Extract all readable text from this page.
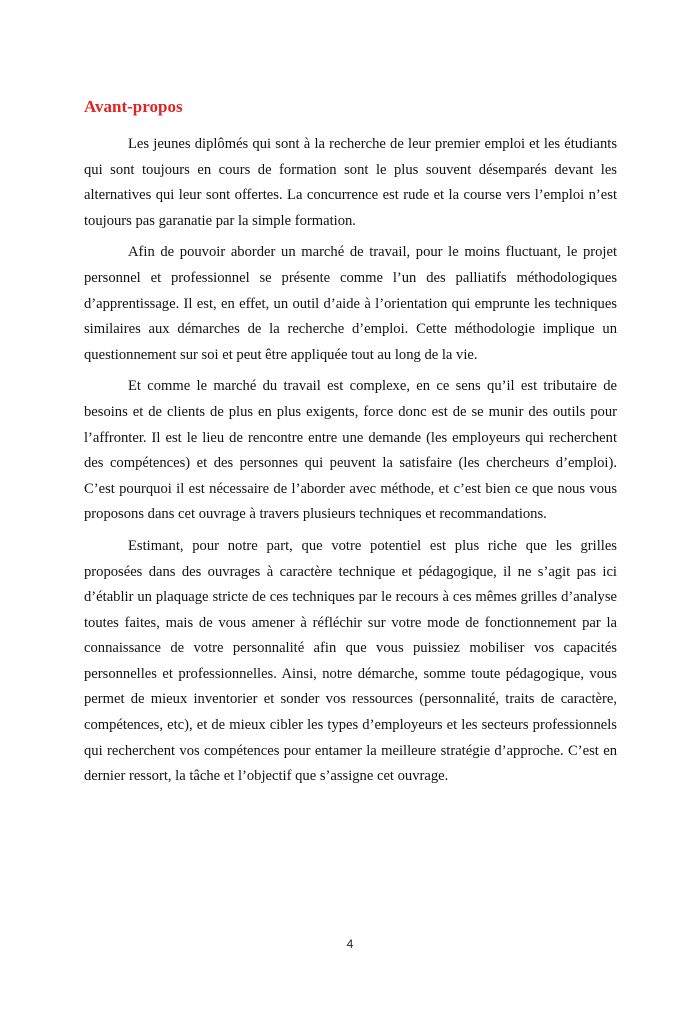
Avant-propos

Les jeunes diplômés qui sont à la recherche de leur premier emploi et les étudiants qui sont toujours en cours de formation sont le plus souvent désemparés devant les alternatives qui leur sont offertes. La concurrence est rude et la course vers l’emploi n’est toujours pas garanatie par la simple formation.

Afin de pouvoir aborder un marché de travail, pour le moins fluctuant, le projet personnel et professionnel se présente comme l’un des palliatifs méthodologiques d’apprentissage. Il est, en effet, un outil d’aide à l’orientation qui emprunte les techniques similaires aux démarches de la recherche d’emploi. Cette méthodologie implique un questionnement sur soi et peut être appliquée tout au long de la vie.

Et comme le marché du travail est complexe, en ce sens qu’il est tributaire de besoins et de clients de plus en plus exigents, force donc est de se munir des outils pour l’affronter. Il est le lieu de rencontre entre une demande (les employeurs qui recherchent des compétences) et des personnes qui peuvent la satisfaire (les chercheurs d’emploi). C’est pourquoi il est nécessaire de l’aborder avec méthode, et c’est bien ce que nous vous proposons dans cet ouvrage à travers plusieurs techniques et recommandations.

Estimant, pour notre part, que votre potentiel est plus riche que les grilles proposées dans des ouvrages à caractère technique et pédagogique, il ne s’agit pas ici d’établir un plaquage stricte de ces techniques par le recours à ces mêmes grilles d’analyse toutes faites, mais de vous amener à réfléchir sur votre mode de fonctionnement par la connaissance de votre personnalité afin que vous puissiez mobiliser vos capacités personnelles et professionnelles. Ainsi, notre démarche, somme toute pédagogique, vous permet de mieux inventorier et sonder vos ressources (personnalité, traits de caractère, compétences, etc), et de mieux cibler les types d’employeurs et les secteurs professionnels qui recherchent vos compétences pour entamer la meilleure stratégie d’approche. C’est en dernier ressort, la tâche et l’objectif que s’assigne cet ouvrage.

4
